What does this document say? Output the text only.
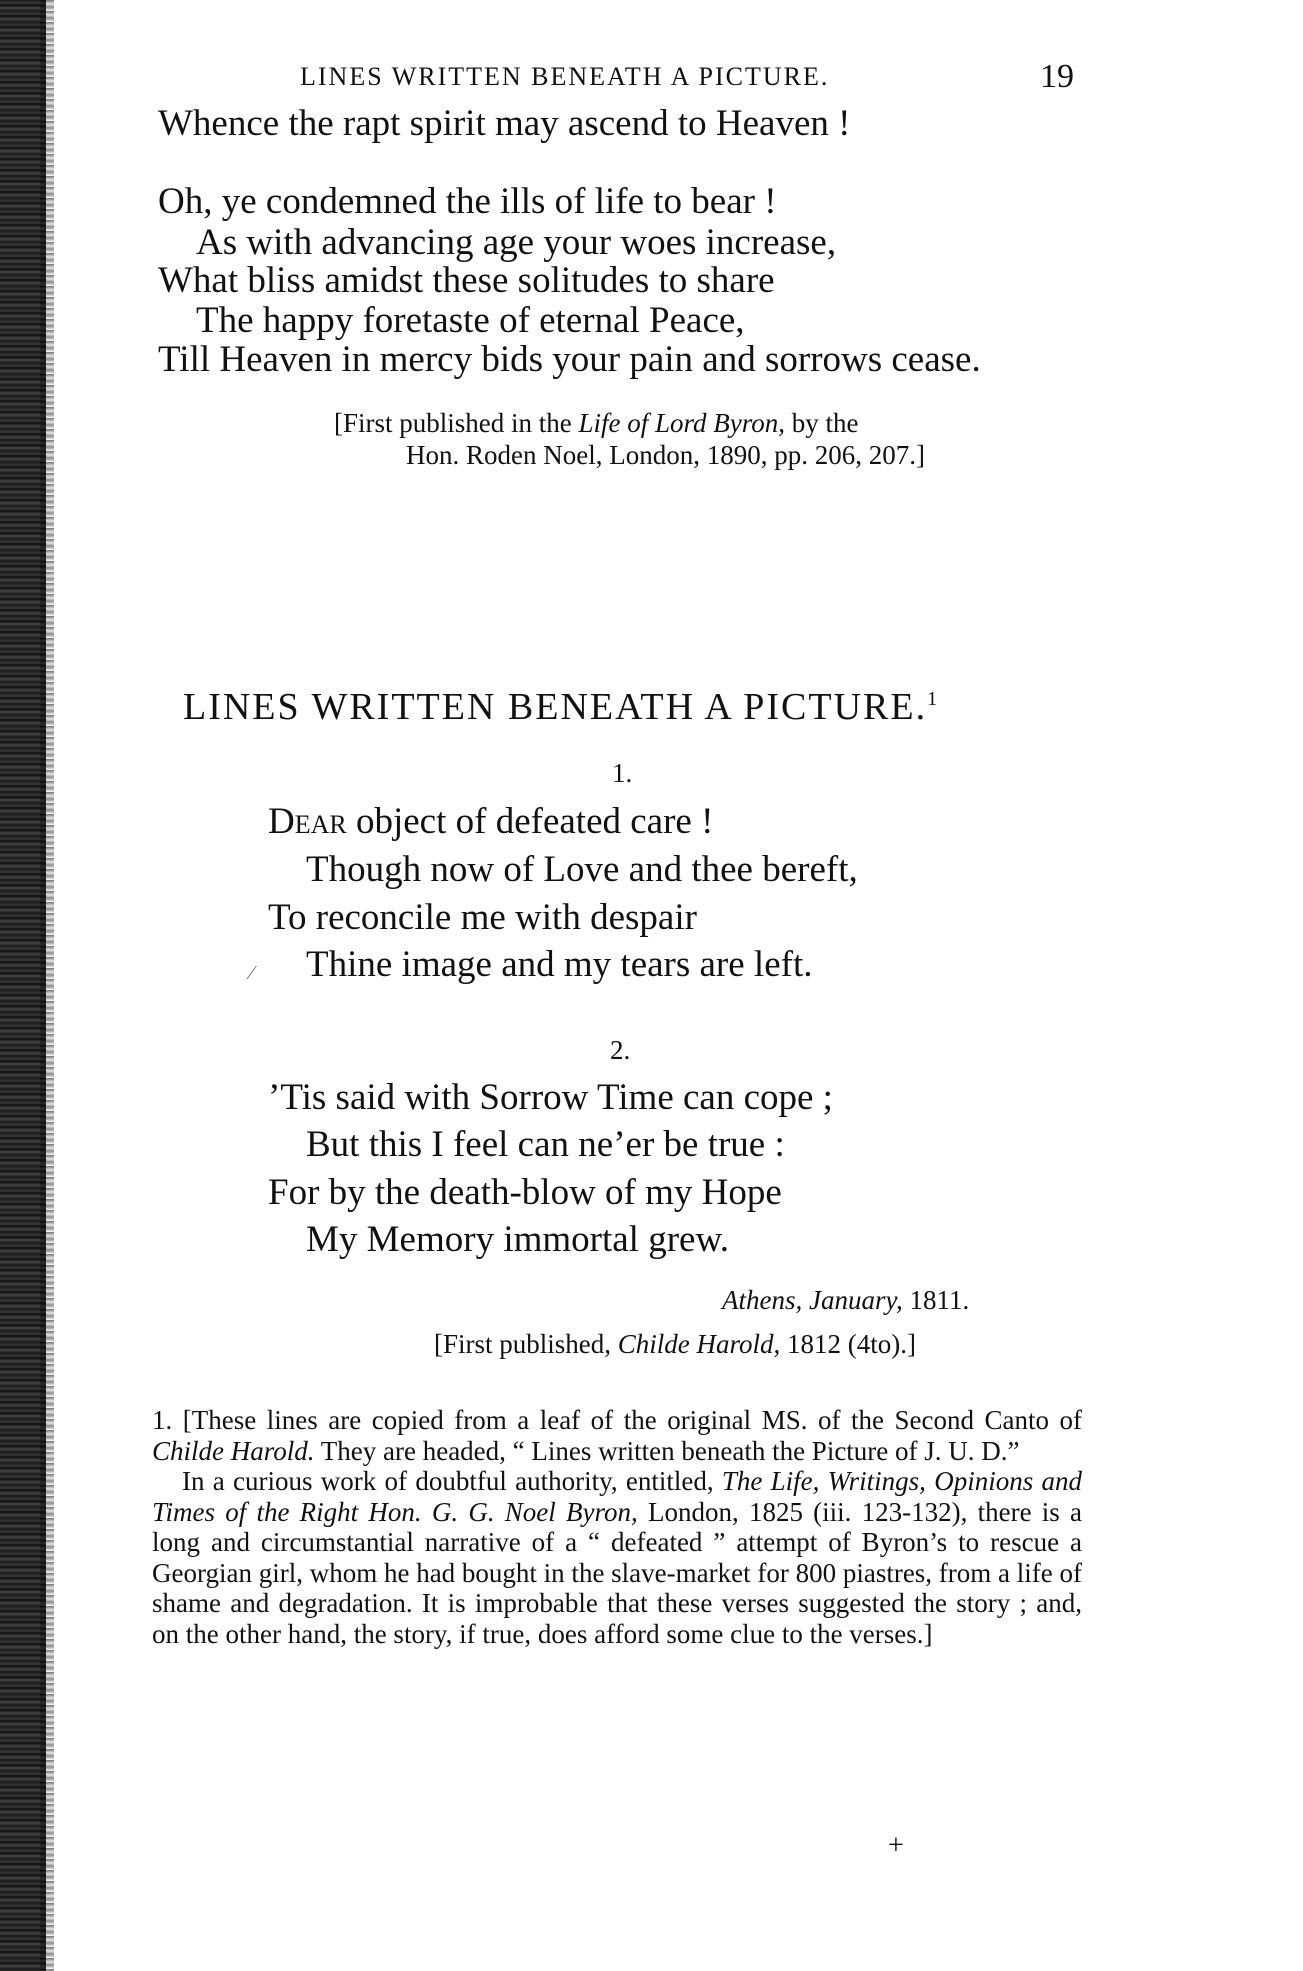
LINES WRITTEN BENEATH A PICTURE.	19
Whence the rapt spirit may ascend to Heaven !
Oh, ye condemned the ills of life to bear !
As with advancing age your woes increase,
What bliss amidst these solitudes to share
The happy foretaste of eternal Peace,
Till Heaven in mercy bids your pain and sorrows cease.
[First published in the Life of Lord Byron, by the
Hon. Roden Noel, London, 1890, pp. 206, 207.]
LINES WRITTEN BENEATH A PICTURE.$^1$
1.
Dear object of defeated care !
Though now of Love and thee bereft,
To reconcile me with despair
Thine image and my tears are left.
⁄
2.
’Tis said with Sorrow Time can cope ;
But this I feel can ne’er be true :
For by the death-blow of my Hope
My Memory immortal grew.
Athens, January, 1811.
[First published, Childe Harold, 1812 (4to).]

1. [These lines are copied from a leaf of the original MS. of the Second Canto of Childe Harold. They are headed, “ Lines written beneath the Picture of J. U. D.”

In a curious work of doubtful authority, entitled, The Life, Writings, Opinions and Times of the Right Hon. G. G. Noel Byron, London, 1825 (iii. 123-132), there is a long and circumstantial narrative of a “ defeated ” attempt of Byron’s to rescue a Georgian girl, whom he had bought in the slave-market for 800 piastres, from a life of shame and degradation. It is improbable that these verses suggested the story ; and, on the other hand, the story, if true, does afford some clue to the verses.]

+
